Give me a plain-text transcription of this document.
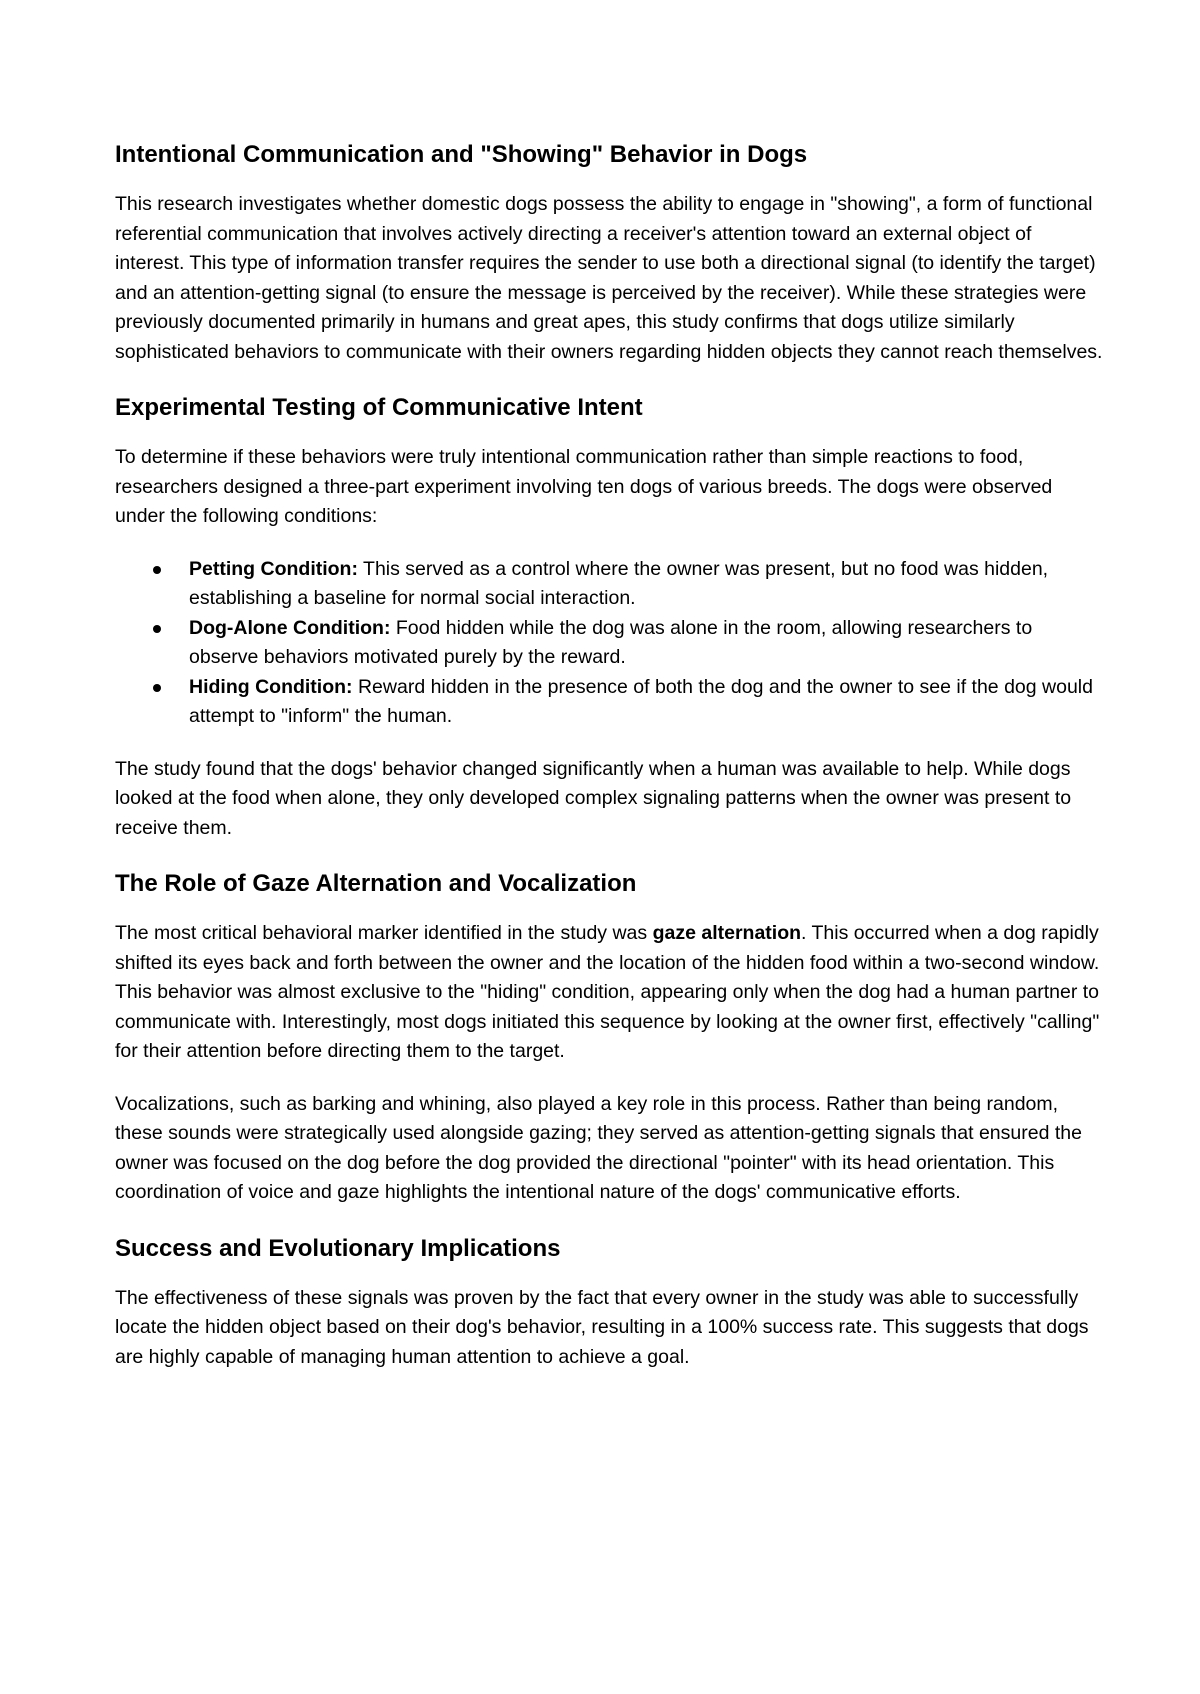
Intentional Communication and "Showing" Behavior in Dogs

This research investigates whether domestic dogs possess the ability to engage in "showing", a form of functional referential communication that involves actively directing a receiver's attention toward an external object of interest. This type of information transfer requires the sender to use both a directional signal (to identify the target) and an attention-getting signal (to ensure the message is perceived by the receiver). While these strategies were previously documented primarily in humans and great apes, this study confirms that dogs utilize similarly sophisticated behaviors to communicate with their owners regarding hidden objects they cannot reach themselves.

Experimental Testing of Communicative Intent

To determine if these behaviors were truly intentional communication rather than simple reactions to food, researchers designed a three-part experiment involving ten dogs of various breeds. The dogs were observed under the following conditions:

Petting Condition: This served as a control where the owner was present, but no food was hidden, establishing a baseline for normal social interaction.
Dog-Alone Condition: Food hidden while the dog was alone in the room, allowing researchers to observe behaviors motivated purely by the reward.
Hiding Condition: Reward hidden in the presence of both the dog and the owner to see if the dog would attempt to "inform" the human.

The study found that the dogs' behavior changed significantly when a human was available to help. While dogs looked at the food when alone, they only developed complex signaling patterns when the owner was present to receive them.

The Role of Gaze Alternation and Vocalization

The most critical behavioral marker identified in the study was gaze alternation. This occurred when a dog rapidly shifted its eyes back and forth between the owner and the location of the hidden food within a two-second window. This behavior was almost exclusive to the "hiding" condition, appearing only when the dog had a human partner to communicate with. Interestingly, most dogs initiated this sequence by looking at the owner first, effectively "calling" for their attention before directing them to the target.

Vocalizations, such as barking and whining, also played a key role in this process. Rather than being random, these sounds were strategically used alongside gazing; they served as attention-getting signals that ensured the owner was focused on the dog before the dog provided the directional "pointer" with its head orientation. This coordination of voice and gaze highlights the intentional nature of the dogs' communicative efforts.

Success and Evolutionary Implications

The effectiveness of these signals was proven by the fact that every owner in the study was able to successfully locate the hidden object based on their dog's behavior, resulting in a 100% success rate. This suggests that dogs are highly capable of managing human attention to achieve a goal.
